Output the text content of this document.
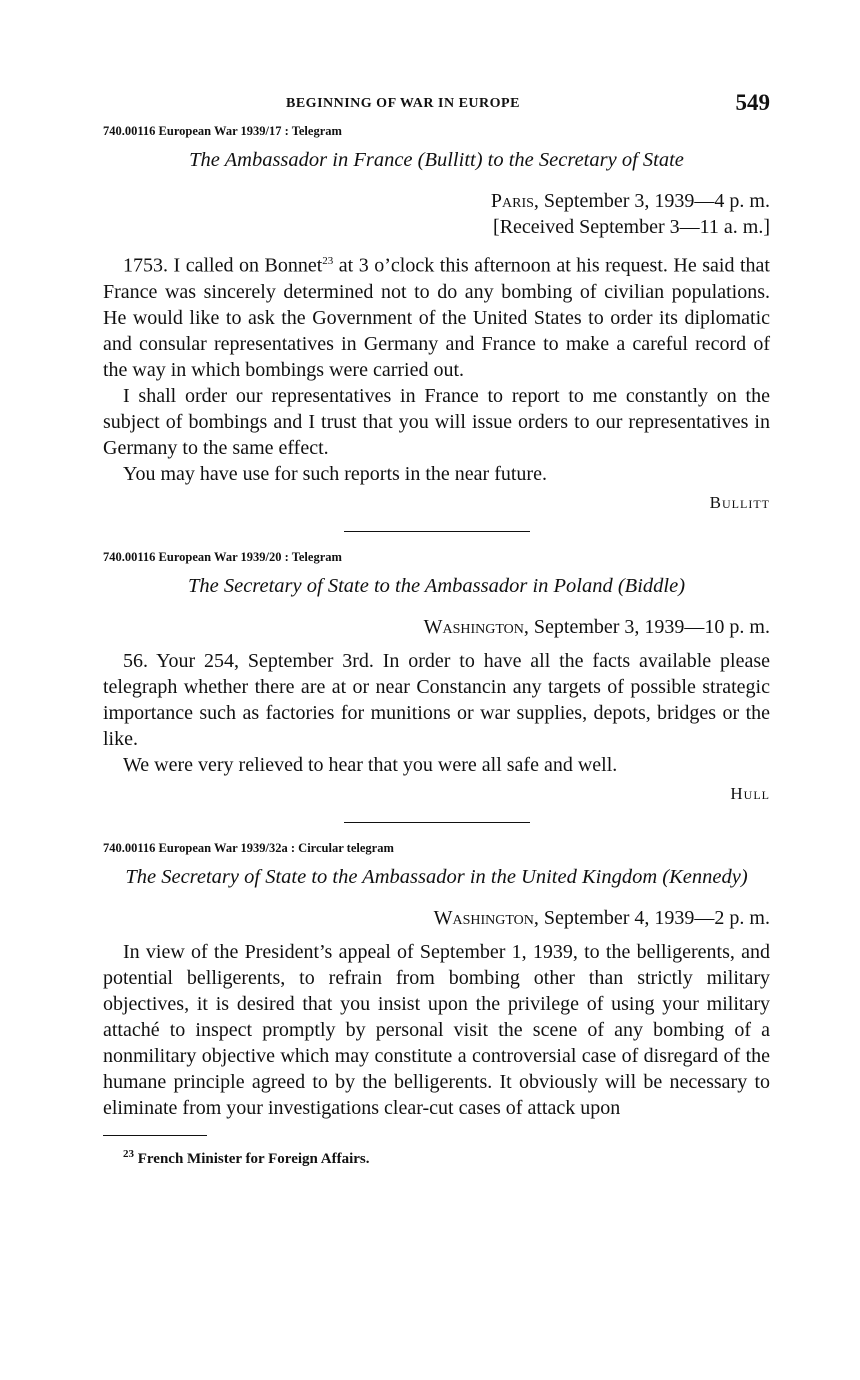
BEGINNING OF WAR IN EUROPE	549
740.00116 European War 1939/17 : Telegram
The Ambassador in France (Bullitt) to the Secretary of State
Paris, September 3, 1939—4 p. m.
[Received September 3—11 a. m.]

1753. I called on Bonnet$^{23}$ at 3 o’clock this afternoon at his request. He said that France was sincerely determined not to do any bombing of civilian populations. He would like to ask the Government of the United States to order its diplomatic and consular representatives in Germany and France to make a careful record of the way in which bombings were carried out.

I shall order our representatives in France to report to me constantly on the subject of bombings and I trust that you will issue orders to our representatives in Germany to the same effect.

You may have use for such reports in the near future.

Bullitt
740.00116 European War 1939/20 : Telegram
The Secretary of State to the Ambassador in Poland (Biddle)
Washington, September 3, 1939—10 p. m.

56. Your 254, September 3rd. In order to have all the facts available please telegraph whether there are at or near Constancin any targets of possible strategic importance such as factories for munitions or war supplies, depots, bridges or the like.

We were very relieved to hear that you were all safe and well.

Hull
740.00116 European War 1939/32a : Circular telegram
The Secretary of State to the Ambassador in the United Kingdom (Kennedy)
Washington, September 4, 1939—2 p. m.

In view of the President’s appeal of September 1, 1939, to the belligerents, and potential belligerents, to refrain from bombing other than strictly military objectives, it is desired that you insist upon the privilege of using your military attaché to inspect promptly by personal visit the scene of any bombing of a nonmilitary objective which may constitute a controversial case of disregard of the humane principle agreed to by the belligerents. It obviously will be necessary to eliminate from your investigations clear-cut cases of attack upon

$^{23}$ French Minister for Foreign Affairs.
